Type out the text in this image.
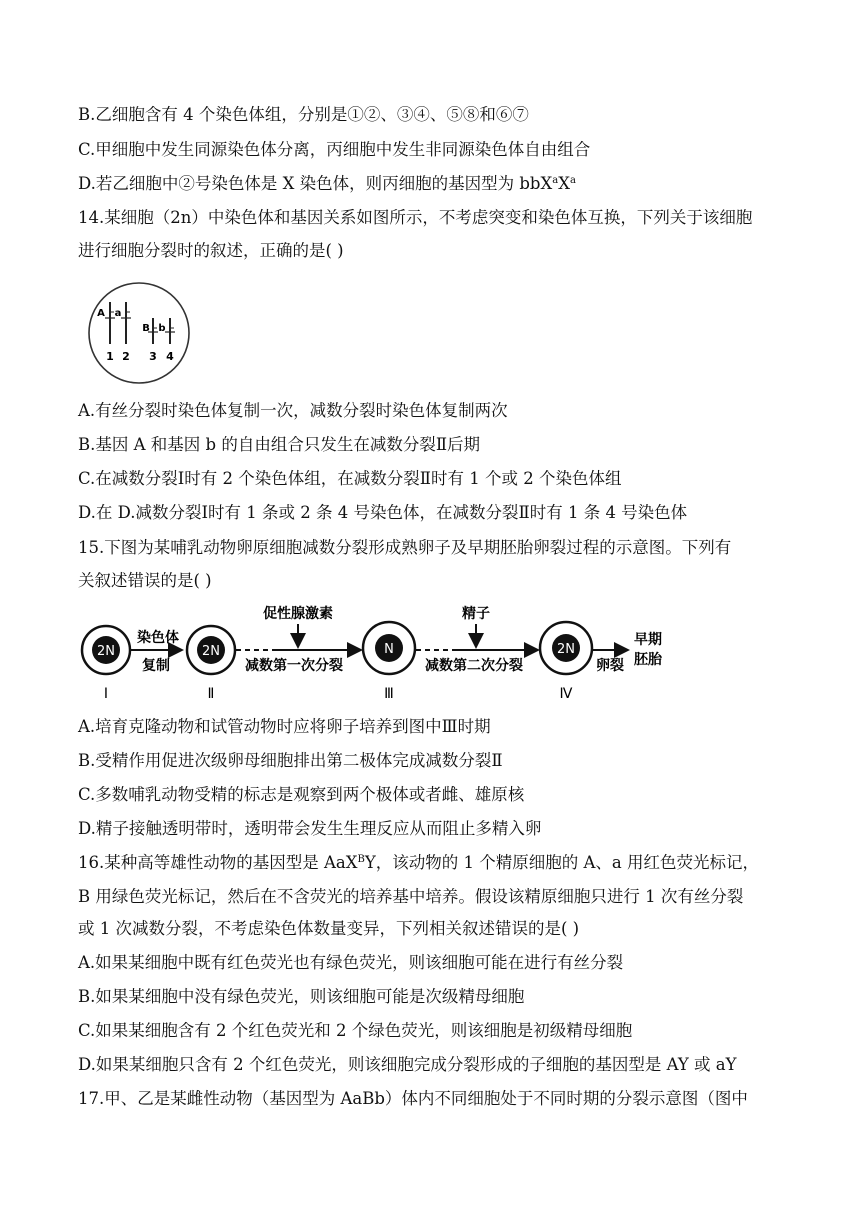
B.乙细胞含有 4 个染色体组，分别是①②、③④、⑤⑧和⑥⑦
C.甲细胞中发生同源染色体分离，丙细胞中发生非同源染色体自由组合
D.若乙细胞中②号染色体是 X 染色体，则丙细胞的基因型为 $bbX^aX^a$
14.某细胞（2n）中染色体和基因关系如图所示，不考虑突变和染色体互换，下列关于该细胞
进行细胞分裂时的叙述，正确的是( )
A a
B b
1 2 3 4
A.有丝分裂时染色体复制一次，减数分裂时染色体复制两次
B.基因 A 和基因 b 的自由组合只发生在减数分裂Ⅱ后期
C.在减数分裂Ⅰ时有 2 个染色体组，在减数分裂Ⅱ时有 1 个或 2 个染色体组
D.在 D.减数分裂Ⅰ时有 1 条或 2 条 4 号染色体，在减数分裂Ⅱ时有 1 条 4 号染色体
15.下图为某哺乳动物卵原细胞减数分裂形成熟卵子及早期胚胎卵裂过程的示意图。下列有
关叙述错误的是( )
2N
Ⅰ
染色体
复制
2N
Ⅱ
减数第一次分裂
促性腺激素
N
Ⅲ
减数第二次分裂
精子
2N
Ⅳ
卵裂
早期
胚胎
A.培育克隆动物和试管动物时应将卵子培养到图中Ⅲ时期
B.受精作用促进次级卵母细胞排出第二极体完成减数分裂Ⅱ
C.多数哺乳动物受精的标志是观察到两个极体或者雌、雄原核
D.精子接触透明带时，透明带会发生生理反应从而阻止多精入卵
16.某种高等雄性动物的基因型是 AaX$^B$Y，该动物的 1 个精原细胞的 A、a 用红色荧光标记，
B 用绿色荧光标记，然后在不含荧光的培养基中培养。假设该精原细胞只进行 1 次有丝分裂
或 1 次减数分裂，不考虑染色体数量变异，下列相关叙述错误的是( )
A.如果某细胞中既有红色荧光也有绿色荧光，则该细胞可能在进行有丝分裂
B.如果某细胞中没有绿色荧光，则该细胞可能是次级精母细胞
C.如果某细胞含有 2 个红色荧光和 2 个绿色荧光，则该细胞是初级精母细胞
D.如果某细胞只含有 2 个红色荧光，则该细胞完成分裂形成的子细胞的基因型是 AY 或 aY
17.甲、乙是某雌性动物（基因型为 AaBb）体内不同细胞处于不同时期的分裂示意图（图中
